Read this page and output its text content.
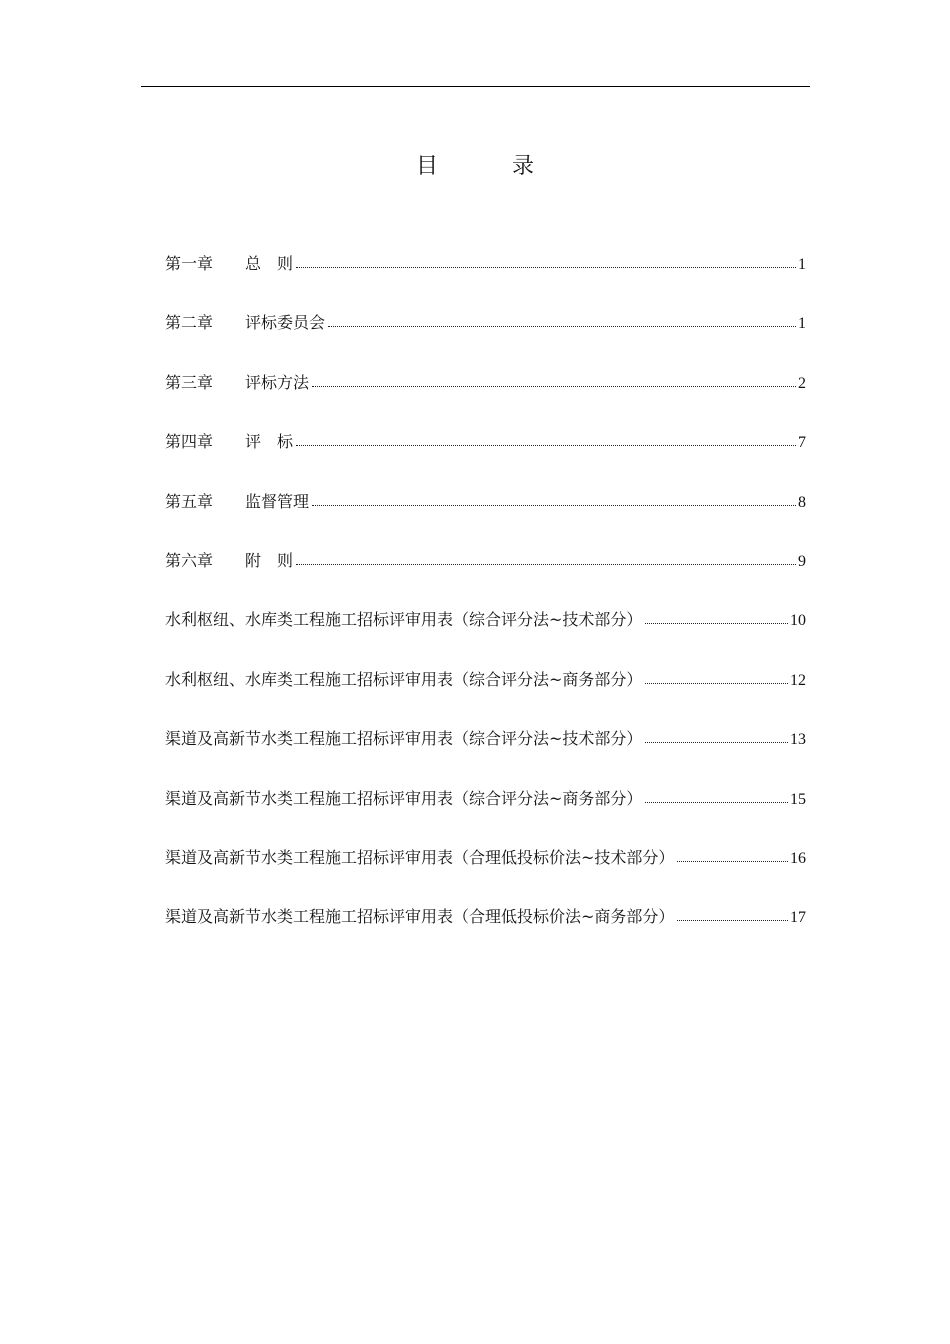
目　录
第一章	总　则	1
第二章	评标委员会	1
第三章	评标方法	2
第四章	评　标	7
第五章	监督管理	8
第六章	附　则	9
水利枢纽、水库类工程施工招标评审用表（综合评分法~技术部分）	10
水利枢纽、水库类工程施工招标评审用表（综合评分法~商务部分）	12
渠道及高新节水类工程施工招标评审用表（综合评分法~技术部分）	13
渠道及高新节水类工程施工招标评审用表（综合评分法~商务部分）	15
渠道及高新节水类工程施工招标评审用表（合理低投标价法~技术部分）	16
渠道及高新节水类工程施工招标评审用表（合理低投标价法~商务部分）	17
